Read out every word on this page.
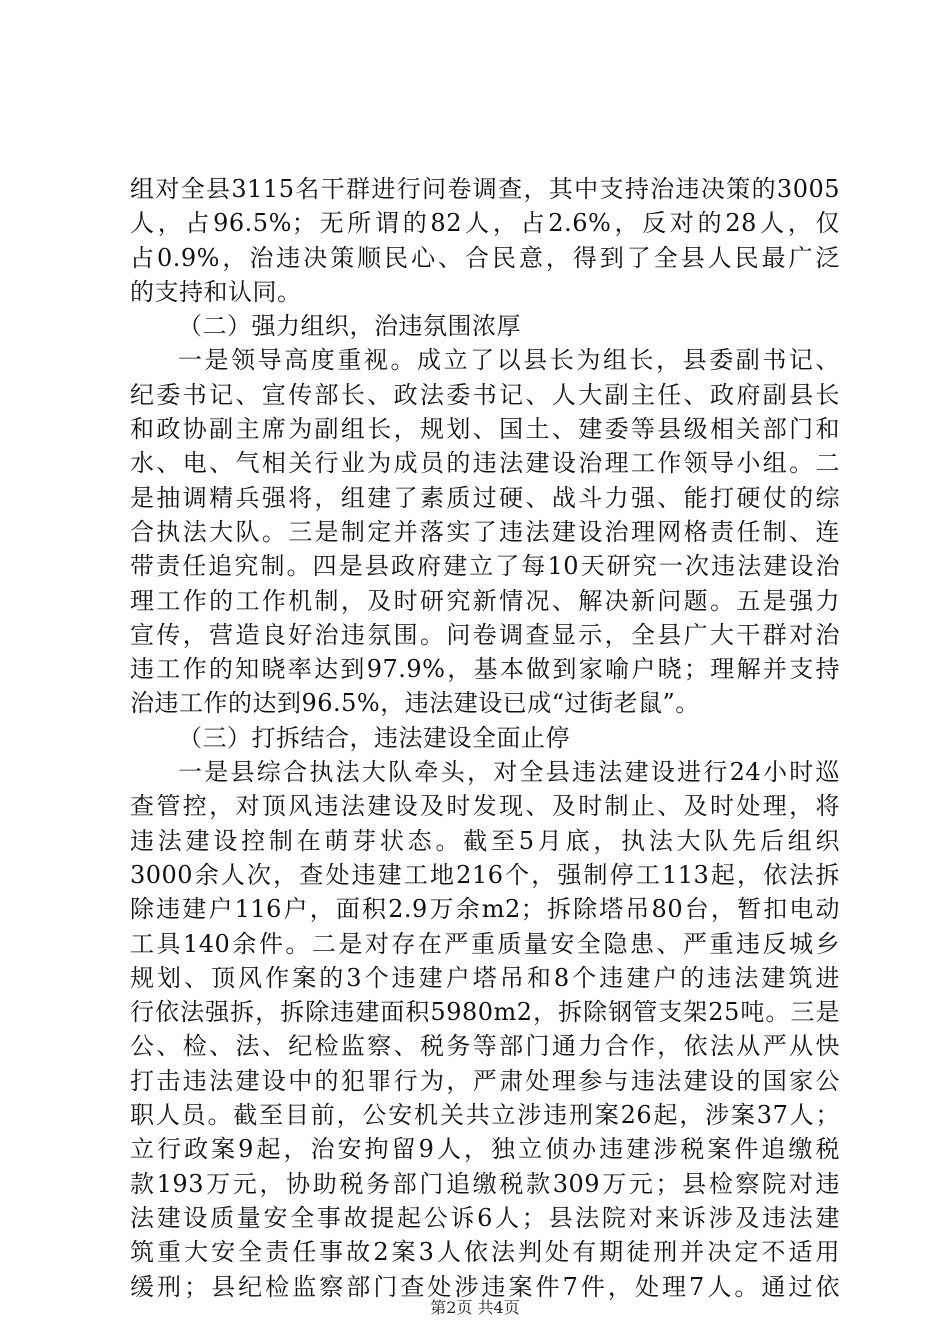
组对全县3115名干群进行问卷调查，其中支持治违决策的3005
人，占96.5%；无所谓的82人，占2.6%，反对的28人，仅
占0.9%，治违决策顺民心、合民意，得到了全县人民最广泛
的支持和认同。
（二）强力组织，治违氛围浓厚
一是领导高度重视。成立了以县长为组长，县委副书记、
纪委书记、宣传部长、政法委书记、人大副主任、政府副县长
和政协副主席为副组长，规划、国土、建委等县级相关部门和
水、电、气相关行业为成员的违法建设治理工作领导小组。二
是抽调精兵强将，组建了素质过硬、战斗力强、能打硬仗的综
合执法大队。三是制定并落实了违法建设治理网格责任制、连
带责任追究制。四是县政府建立了每10天研究一次违法建设治
理工作的工作机制，及时研究新情况、解决新问题。五是强力
宣传，营造良好治违氛围。问卷调查显示，全县广大干群对治
违工作的知晓率达到97.9%，基本做到家喻户晓；理解并支持
治违工作的达到96.5%，违法建设已成“过街老鼠”。
（三）打拆结合，违法建设全面止停
一是县综合执法大队牵头，对全县违法建设进行24小时巡
查管控，对顶风违法建设及时发现、及时制止、及时处理，将
违法建设控制在萌芽状态。截至5月底，执法大队先后组织
3000余人次，查处违建工地216个，强制停工113起，依法拆
除违建户116户，面积2.9万余m2；拆除塔吊80台，暂扣电动
工具140余件。二是对存在严重质量安全隐患、严重违反城乡
规划、顶风作案的3个违建户塔吊和8个违建户的违法建筑进
行依法强拆，拆除违建面积5980m2，拆除钢管支架25吨。三是
公、检、法、纪检监察、税务等部门通力合作，依法从严从快
打击违法建设中的犯罪行为，严肃处理参与违法建设的国家公
职人员。截至目前，公安机关共立涉违刑案26起，涉案37人；
立行政案9起，治安拘留9人，独立侦办违建涉税案件追缴税
款193万元，协助税务部门追缴税款309万元；县检察院对违
法建设质量安全事故提起公诉6人；县法院对来诉涉及违法建
筑重大安全责任事故2案3人依法判处有期徒刑并决定不适用
缓刑；县纪检监察部门查处涉违案件7件，处理7人。通过依
第2页 共4页
